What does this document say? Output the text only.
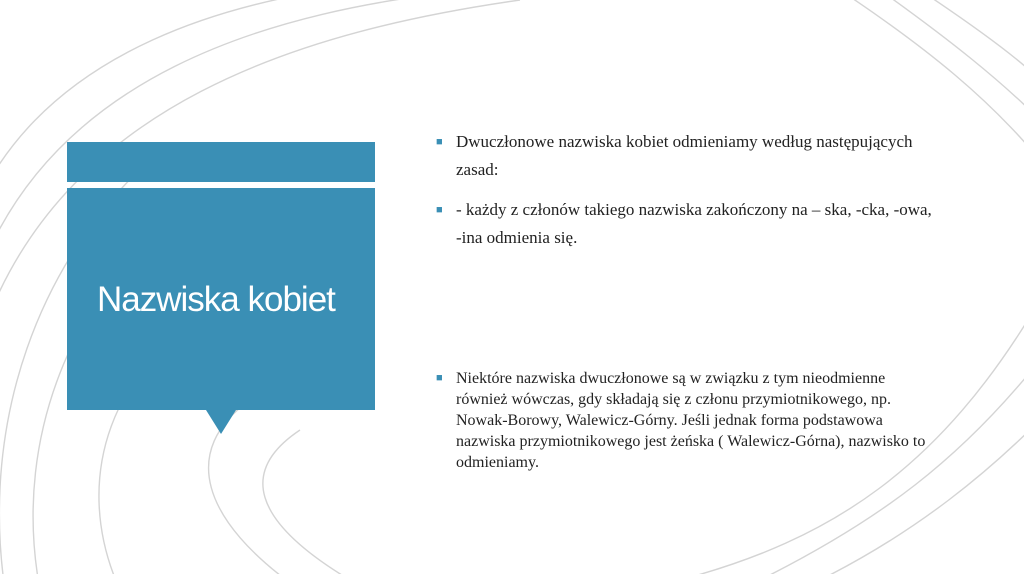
Nazwiska kobiet
■ Dwuczłonowe nazwiska kobiet odmieniamy według następujących zasad:
■ - każdy z członów takiego nazwiska zakończony na – ska, -cka, -owa, -ina odmienia się.
■ Niektóre nazwiska dwuczłonowe są w związku z tym nieodmienne również wówczas, gdy składają się z członu przymiotnikowego, np. Nowak-Borowy, Walewicz-Górny. Jeśli jednak forma podstawowa nazwiska przymiotnikowego jest żeńska ( Walewicz-Górna), nazwisko to odmieniamy.
